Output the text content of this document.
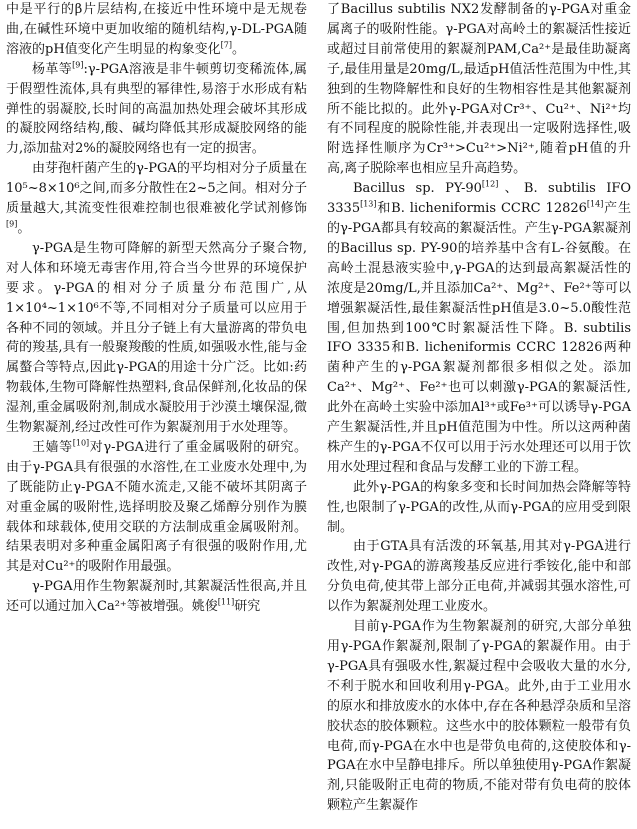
中是平行的β片层结构,在接近中性环境中是无规卷曲,在碱性环境中更加收缩的随机结构,γ-DL-PGA随溶液的pH值变化产生明显的构象变化[7]。

杨革等[9]:γ-PGA溶液是非牛顿剪切变稀流体,属于假塑性流体,具有典型的幂律性,易溶于水形成有粘弹性的弱凝胶,长时间的高温加热处理会破坏其形成的凝胶网络结构,酸、碱均降低其形成凝胶网络的能力,添加盐对2%的凝胶网络也有一定的损害。

由芽孢杆菌产生的γ-PGA的平均相对分子质量在10⁵~8×10⁶之间,而多分散性在2~5之间。相对分子质量越大,其流变性很难控制也很难被化学试剂修饰[9]。

γ-PGA是生物可降解的新型天然高分子聚合物,对人体和环境无毒害作用,符合当今世界的环境保护要求。γ-PGA的相对分子质量分布范围广,从1×10⁴~1×10⁶不等,不同相对分子质量可以应用于各种不同的领域。并且分子链上有大量游离的带负电荷的羧基,具有一般聚羧酸的性质,如强吸水性,能与金属螯合等特点,因此γ-PGA的用途十分广泛。比如:药物载体,生物可降解性热塑料,食品保鲜剂,化妆品的保湿剂,重金属吸附剂,制成水凝胶用于沙漠土壤保湿,微生物絮凝剂,经过改性可作为絮凝剂用于水处理等。

王嫱等[10]对γ-PGA进行了重金属吸附的研究。由于γ-PGA具有很强的水溶性,在工业废水处理中,为了既能防止γ-PGA不随水流走,又能不破坏其阴离子对重金属的吸附性,选择明胶及聚乙烯醇分别作为膜载体和球载体,使用交联的方法制成重金属吸附剂。结果表明对多种重金属阳离子有很强的吸附作用,尤其是对Cu²⁺的吸附作用最强。

γ-PGA用作生物絮凝剂时,其絮凝活性很高,并且还可以通过加入Ca²⁺等被增强。姚俊[11]研究

了Bacillus subtilis NX2发酵制备的γ-PGA对重金属离子的吸附性能。γ-PGA对高岭土的絮凝活性接近或超过目前常使用的絮凝剂PAM,Ca²⁺是最佳助凝离子,最佳用量是20mg/L,最适pH值活性范围为中性,其独到的生物降解性和良好的生物相容性是其他絮凝剂所不能比拟的。此外γ-PGA对Cr³⁺、Cu²⁺、Ni²⁺均有不同程度的脱除性能,并表现出一定吸附选择性,吸附选择性顺序为Cr³⁺>Cu²⁺>Ni²⁺,随着pH值的升高,离子脱除率也相应呈升高趋势。

Bacillus sp. PY-90[12]、B. subtilis IFO 3335[13]和B. licheniformis CCRC 12826[14]产生的γ-PGA都具有较高的絮凝活性。产生γ-PGA絮凝剂的Bacillus sp. PY-90的培养基中含有L-谷氨酸。在高岭土混悬液实验中,γ-PGA的达到最高絮凝活性的浓度是20mg/L,并且添加Ca²⁺、Mg²⁺、Fe²⁺等可以增强絮凝活性,最佳絮凝活性pH值是3.0~5.0酸性范围,但加热到100℃时絮凝活性下降。B. subtilis IFO 3335和B. licheniformis CCRC 12826两种菌种产生的γ-PGA絮凝剂都很多相似之处。添加Ca²⁺、Mg²⁺、Fe²⁺也可以刺激γ-PGA的絮凝活性,此外在高岭土实验中添加Al³⁺或Fe³⁺可以诱导γ-PGA产生絮凝活性,并且pH值范围为中性。所以这两种菌株产生的γ-PGA不仅可以用于污水处理还可以用于饮用水处理过程和食品与发酵工业的下游工程。

此外γ-PGA的构象多变和长时间加热会降解等特性,也限制了γ-PGA的改性,从而γ-PGA的应用受到限制。

由于GTA具有活泼的环氧基,用其对γ-PGA进行改性,对γ-PGA的游离羧基反应进行季铵化,能中和部分负电荷,使其带上部分正电荷,并减弱其强水溶性,可以作为絮凝剂处理工业废水。

目前γ-PGA作为生物絮凝剂的研究,大部分单独用γ-PGA作絮凝剂,限制了γ-PGA的絮凝作用。由于γ-PGA具有强吸水性,絮凝过程中会吸收大量的水分,不利于脱水和回收利用γ-PGA。此外,由于工业用水的原水和排放废水的水体中,存在各种悬浮杂质和呈溶胶状态的胶体颗粒。这些水中的胶体颗粒一般带有负电荷,而γ-PGA在水中也是带负电荷的,这使胶体和γ-PGA在水中呈静电排斥。所以单独使用γ-PGA作絮凝剂,只能吸附正电荷的物质,不能对带有负电荷的胶体颗粒产生絮凝作
